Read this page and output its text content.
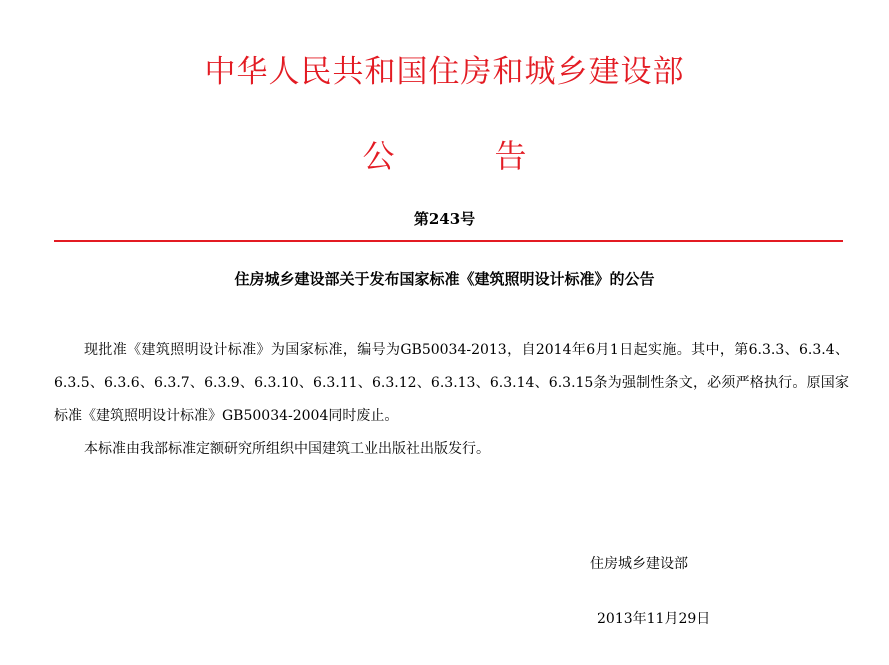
中华人民共和国住房和城乡建设部
公	告
第243号
住房城乡建设部关于发布国家标准《建筑照明设计标准》的公告

现批准《建筑照明设计标准》为国家标准，编号为GB50034-2013，自2014年6月1日起实施。其中，第6.3.3、6.3.4、6.3.5、6.3.6、6.3.7、6.3.9、6.3.10、6.3.11、6.3.12、6.3.13、6.3.14、6.3.15条为强制性条文，必须严格执行。原国家标准《建筑照明设计标准》GB50034-2004同时废止。

本标准由我部标准定额研究所组织中国建筑工业出版社出版发行。

住房城乡建设部
2013年11月29日
